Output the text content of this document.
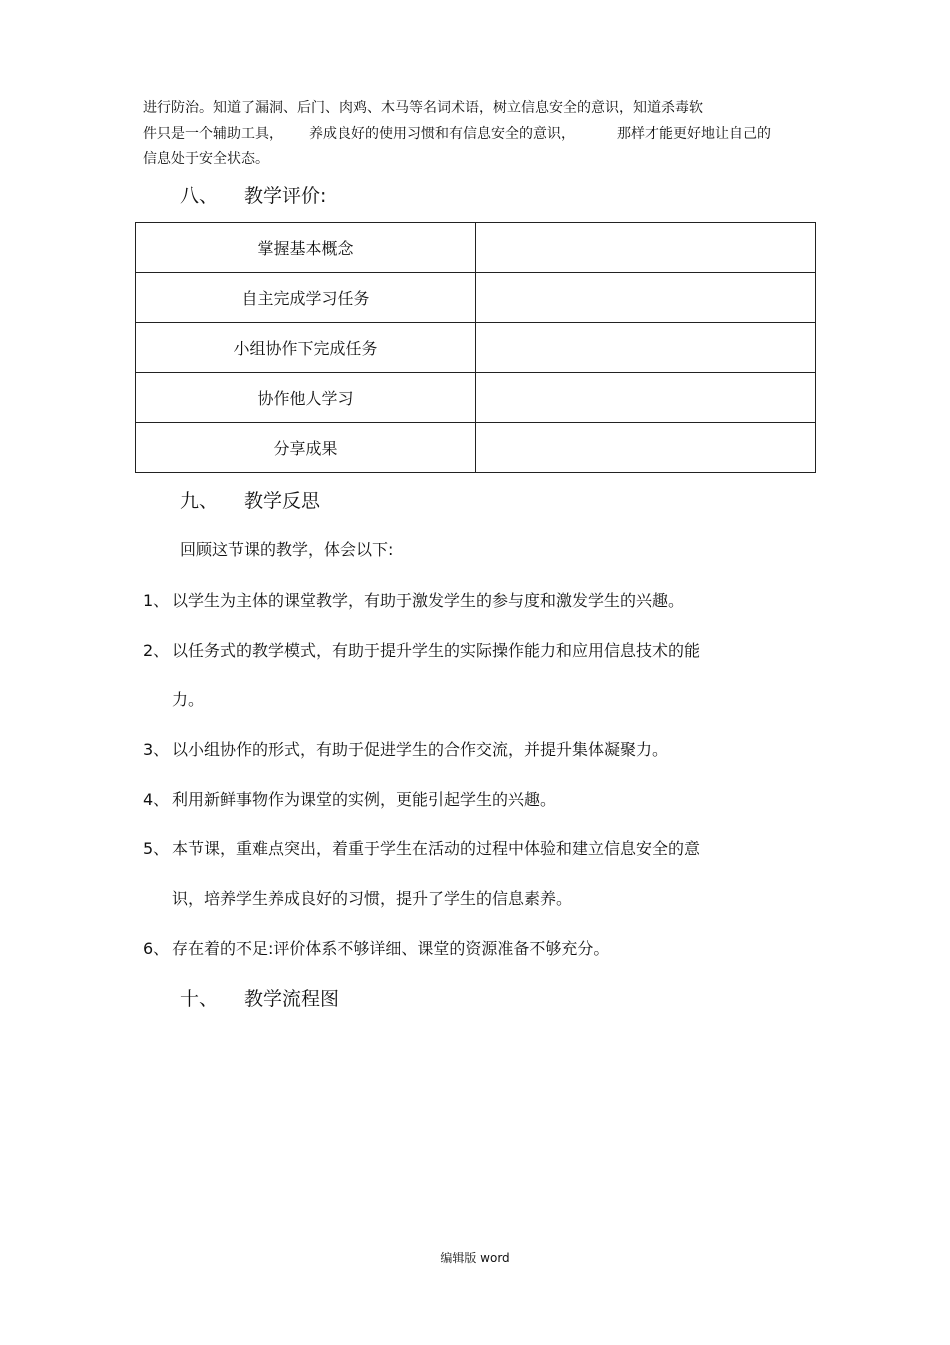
进行防治。知道了漏洞、后门、肉鸡、木马等名词术语，树立信息安全的意识，知道杀毒软
件只是一个辅助工具， 养成良好的使用习惯和有信息安全的意识，	那样才能更好地让自己的
信息处于安全状态。
八、 教学评价:
掌握基本概念	
自主完成学习任务	
小组协作下完成任务	
协作他人学习	
分享成果	
九、 教学反思
回顾这节课的教学，体会以下:
1、 以学生为主体的课堂教学，有助于激发学生的参与度和激发学生的兴趣。
2、 以任务式的教学模式，有助于提升学生的实际操作能力和应用信息技术的能
力。
3、 以小组协作的形式，有助于促进学生的合作交流，并提升集体凝聚力。
4、 利用新鲜事物作为课堂的实例，更能引起学生的兴趣。
5、 本节课，重难点突出，着重于学生在活动的过程中体验和建立信息安全的意
识，培养学生养成良好的习惯，提升了学生的信息素养。
6、 存在着的不足:评价体系不够详细、课堂的资源准备不够充分。
十、 教学流程图
编辑版 word
